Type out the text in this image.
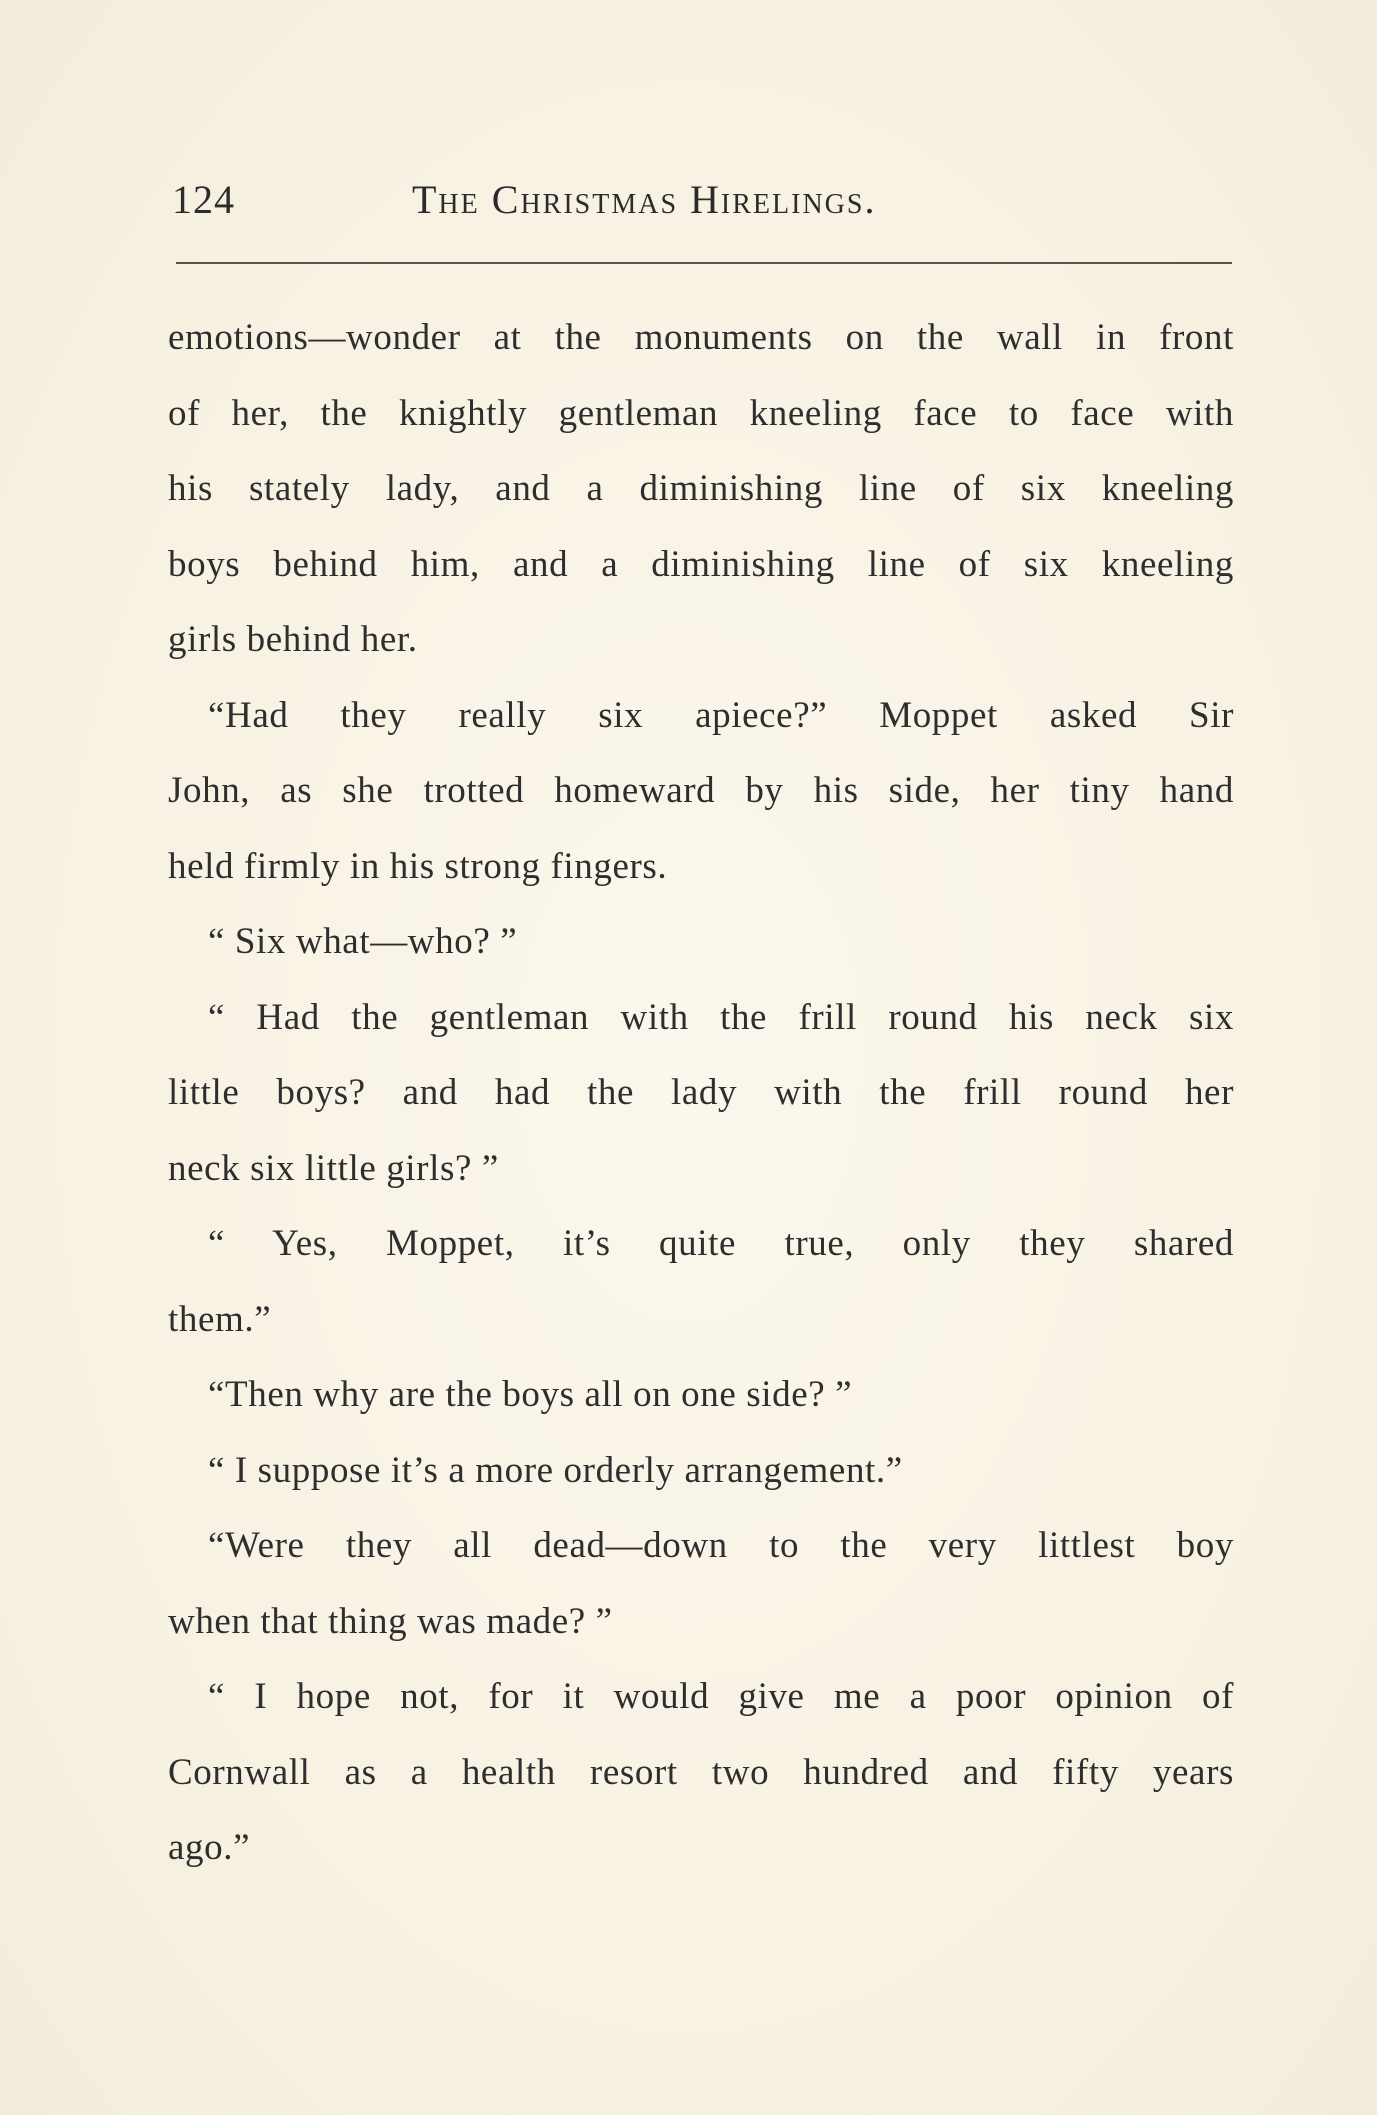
124	The Christmas Hirelings.
emotions—wonder at the monuments on the wall in front
of her, the knightly gentleman kneeling face to face with
his stately lady, and a diminishing line of six kneeling
boys behind him, and a diminishing line of six kneeling
girls behind her.
“Had they really six apiece?” Moppet asked Sir
John, as she trotted homeward by his side, her tiny hand
held firmly in his strong fingers.
“ Six what—who? ”
“ Had the gentleman with the frill round his neck six
little boys? and had the lady with the frill round her
neck six little girls? ”
“ Yes, Moppet, it’s quite true, only they shared
them.”
“Then why are the boys all on one side? ”
“ I suppose it’s a more orderly arrangement.”
“Were they all dead—down to the very littlest boy
when that thing was made? ”
“ I hope not, for it would give me a poor opinion of
Cornwall as a health resort two hundred and fifty years
ago.”
